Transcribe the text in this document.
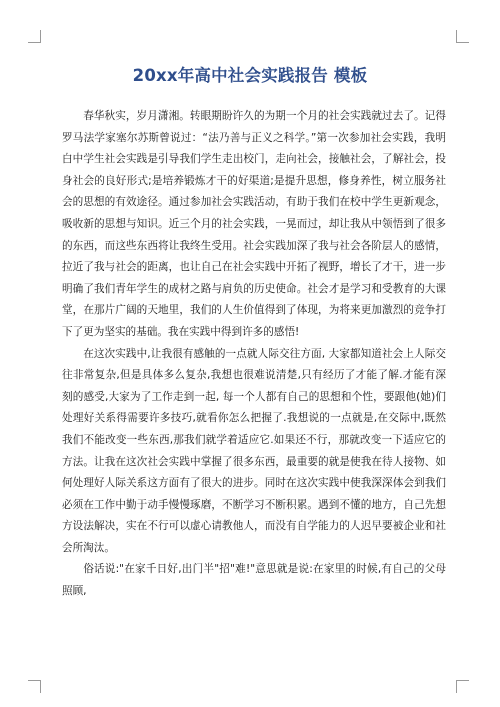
20xx年高中社会实践报告 模板

春华秋实，岁月潇湘。转眼期盼许久的为期一个月的社会实践就过去了。记得罗马法学家塞尔苏斯曾说过：“法乃善与正义之科学。”第一次参加社会实践，我明白中学生社会实践是引导我们学生走出校门，走向社会，接触社会，了解社会，投身社会的良好形式;是培养锻炼才干的好渠道;是提升思想，修身养性，树立服务社会的思想的有效途径。通过参加社会实践活动，有助于我们在校中学生更新观念，吸收新的思想与知识。近三个月的社会实践，一晃而过，却让我从中领悟到了很多的东西，而这些东西将让我终生受用。社会实践加深了我与社会各阶层人的感情，拉近了我与社会的距离，也让自己在社会实践中开拓了视野，增长了才干，进一步明确了我们青年学生的成材之路与肩负的历史使命。社会才是学习和受教育的大课堂，在那片广阔的天地里，我们的人生价值得到了体现，为将来更加激烈的竞争打下了更为坚实的基础。我在实践中得到许多的感悟!

在这次实践中,让我很有感触的一点就人际交往方面, 大家都知道社会上人际交往非常复杂,但是具体多么复杂,我想也很难说清楚,只有经历了才能了解.才能有深刻的感受,大家为了工作走到一起, 每一个人都有自己的思想和个性，要跟他(她)们处理好关系得需要许多技巧,就看你怎么把握了.我想说的一点就是,在交际中,既然我们不能改变一些东西,那我们就学着适应它.如果还不行，那就改变一下适应它的方法。让我在这次社会实践中掌握了很多东西，最重要的就是使我在待人接物、如何处理好人际关系这方面有了很大的进步。同时在这次实践中使我深深体会到我们必须在工作中勤于动手慢慢琢磨，不断学习不断积累。遇到不懂的地方，自己先想方设法解决，实在不行可以虚心请教他人，而没有自学能力的人迟早要被企业和社会所淘汰。

俗话说:"在家千日好,出门半"招"难!"意思就是说:在家里的时候,有自己的父母照顾,
